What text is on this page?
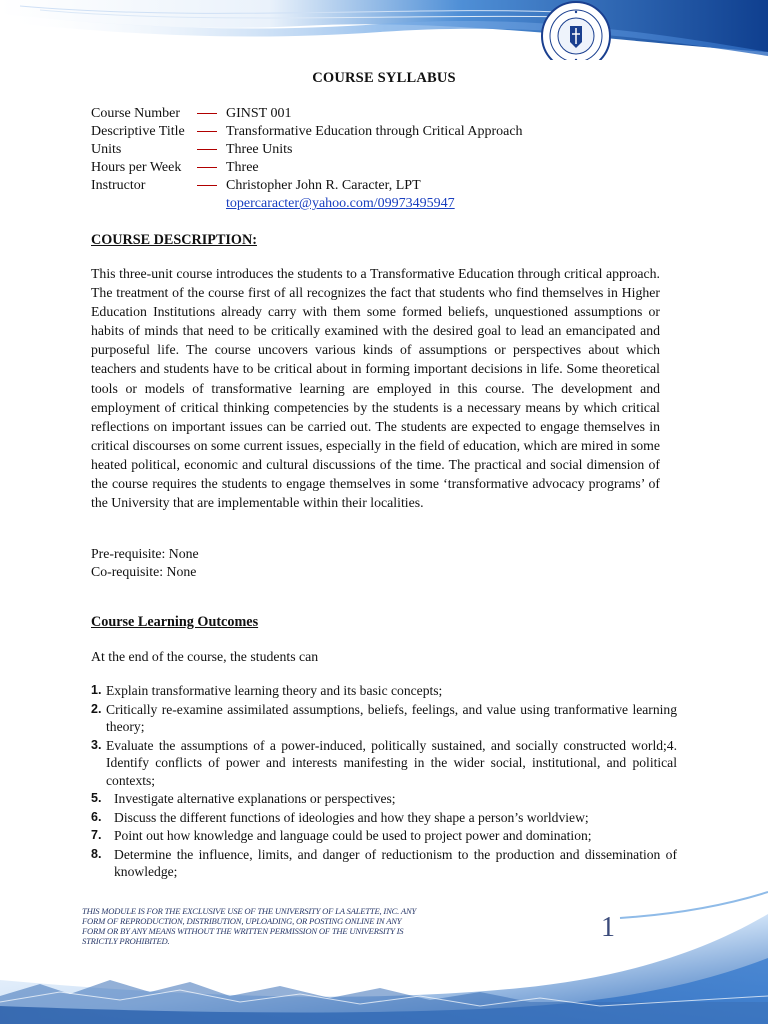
COURSE SYLLABUS
Course Number	GINST 001
Descriptive Title	Transformative Education through Critical Approach
Units	Three Units
Hours per Week	Three
Instructor	Christopher John R. Caracter, LPT
topercaracter@yahoo.com/09973495947
COURSE DESCRIPTION:

This three-unit course introduces the students to a Transformative Education through critical approach. The treatment of the course first of all recognizes the fact that students who find themselves in Higher Education Institutions already carry with them some formed beliefs, unquestioned assumptions or habits of minds that need to be critically examined with the desired goal to lead an emancipated and purposeful life. The course uncovers various kinds of assumptions or perspectives about which teachers and students have to be critical about in forming important decisions in life. Some theoretical tools or models of transformative learning are employed in this course. The development and employment of critical thinking competencies by the students is a necessary means by which critical reflections on important issues can be carried out. The students are expected to engage themselves in critical discourses on some current issues, especially in the field of education, which are mired in some heated political, economic and cultural discussions of the time. The practical and social dimension of the course requires the students to engage themselves in some ‘transformative advocacy programs’ of the University that are implementable within their localities.

Pre-requisite: None
Co-requisite: None
Course Learning Outcomes
At the end of the course, the students can
1. Explain transformative learning theory and its basic concepts;
2. Critically re-examine assimilated assumptions, beliefs, feelings, and value using tranformative learning theory;
3. Evaluate the assumptions of a power-induced, politically sustained, and socially constructed world;4. Identify conflicts of power and interests manifesting in the wider social, institutional, and political contexts;
5. Investigate alternative explanations or perspectives;
6. Discuss the different functions of ideologies and how they shape a person’s worldview;
7. Point out how knowledge and language could be used to project power and domination;
8. Determine the influence, limits, and danger of reductionism to the production and dissemination of knowledge;
THIS MODULE IS FOR THE EXCLUSIVE USE OF THE UNIVERSITY OF LA SALETTE, INC. ANY FORM OF REPRODUCTION, DISTRIBUTION, UPLOADING, OR POSTING ONLINE IN ANY FORM OR BY ANY MEANS WITHOUT THE WRITTEN PERMISSION OF THE UNIVERSITY IS STRICTLY PROHIBITED.	1
